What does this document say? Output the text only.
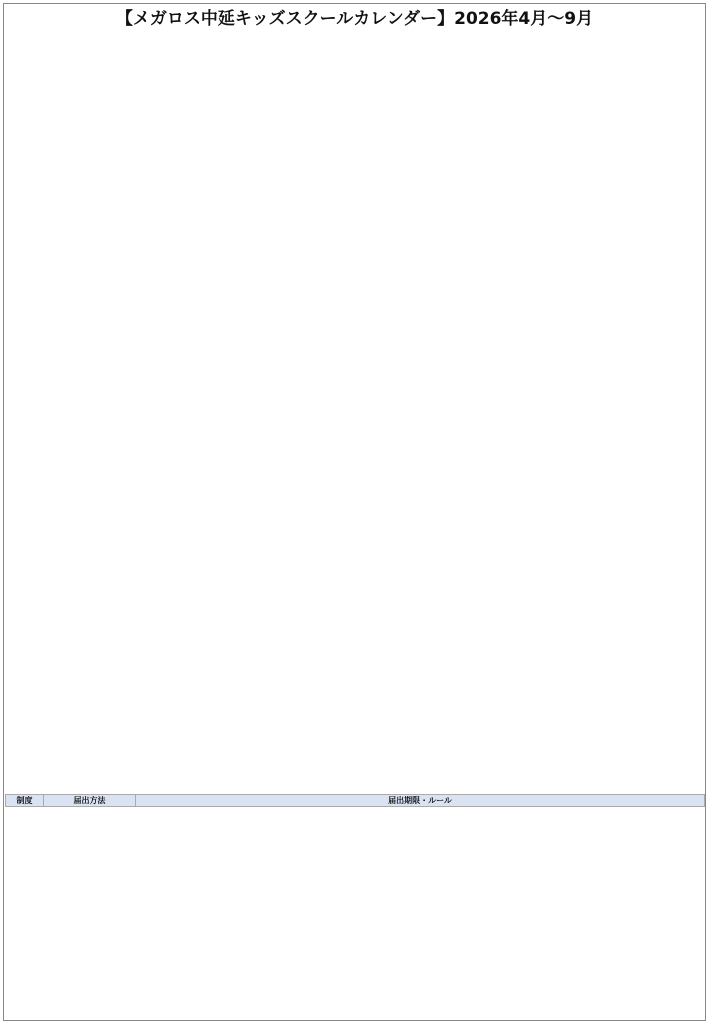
【メガロス中延キッズスクールカレンダー】2026年4月～9月
制度	届出方法	届出期限・ルール
